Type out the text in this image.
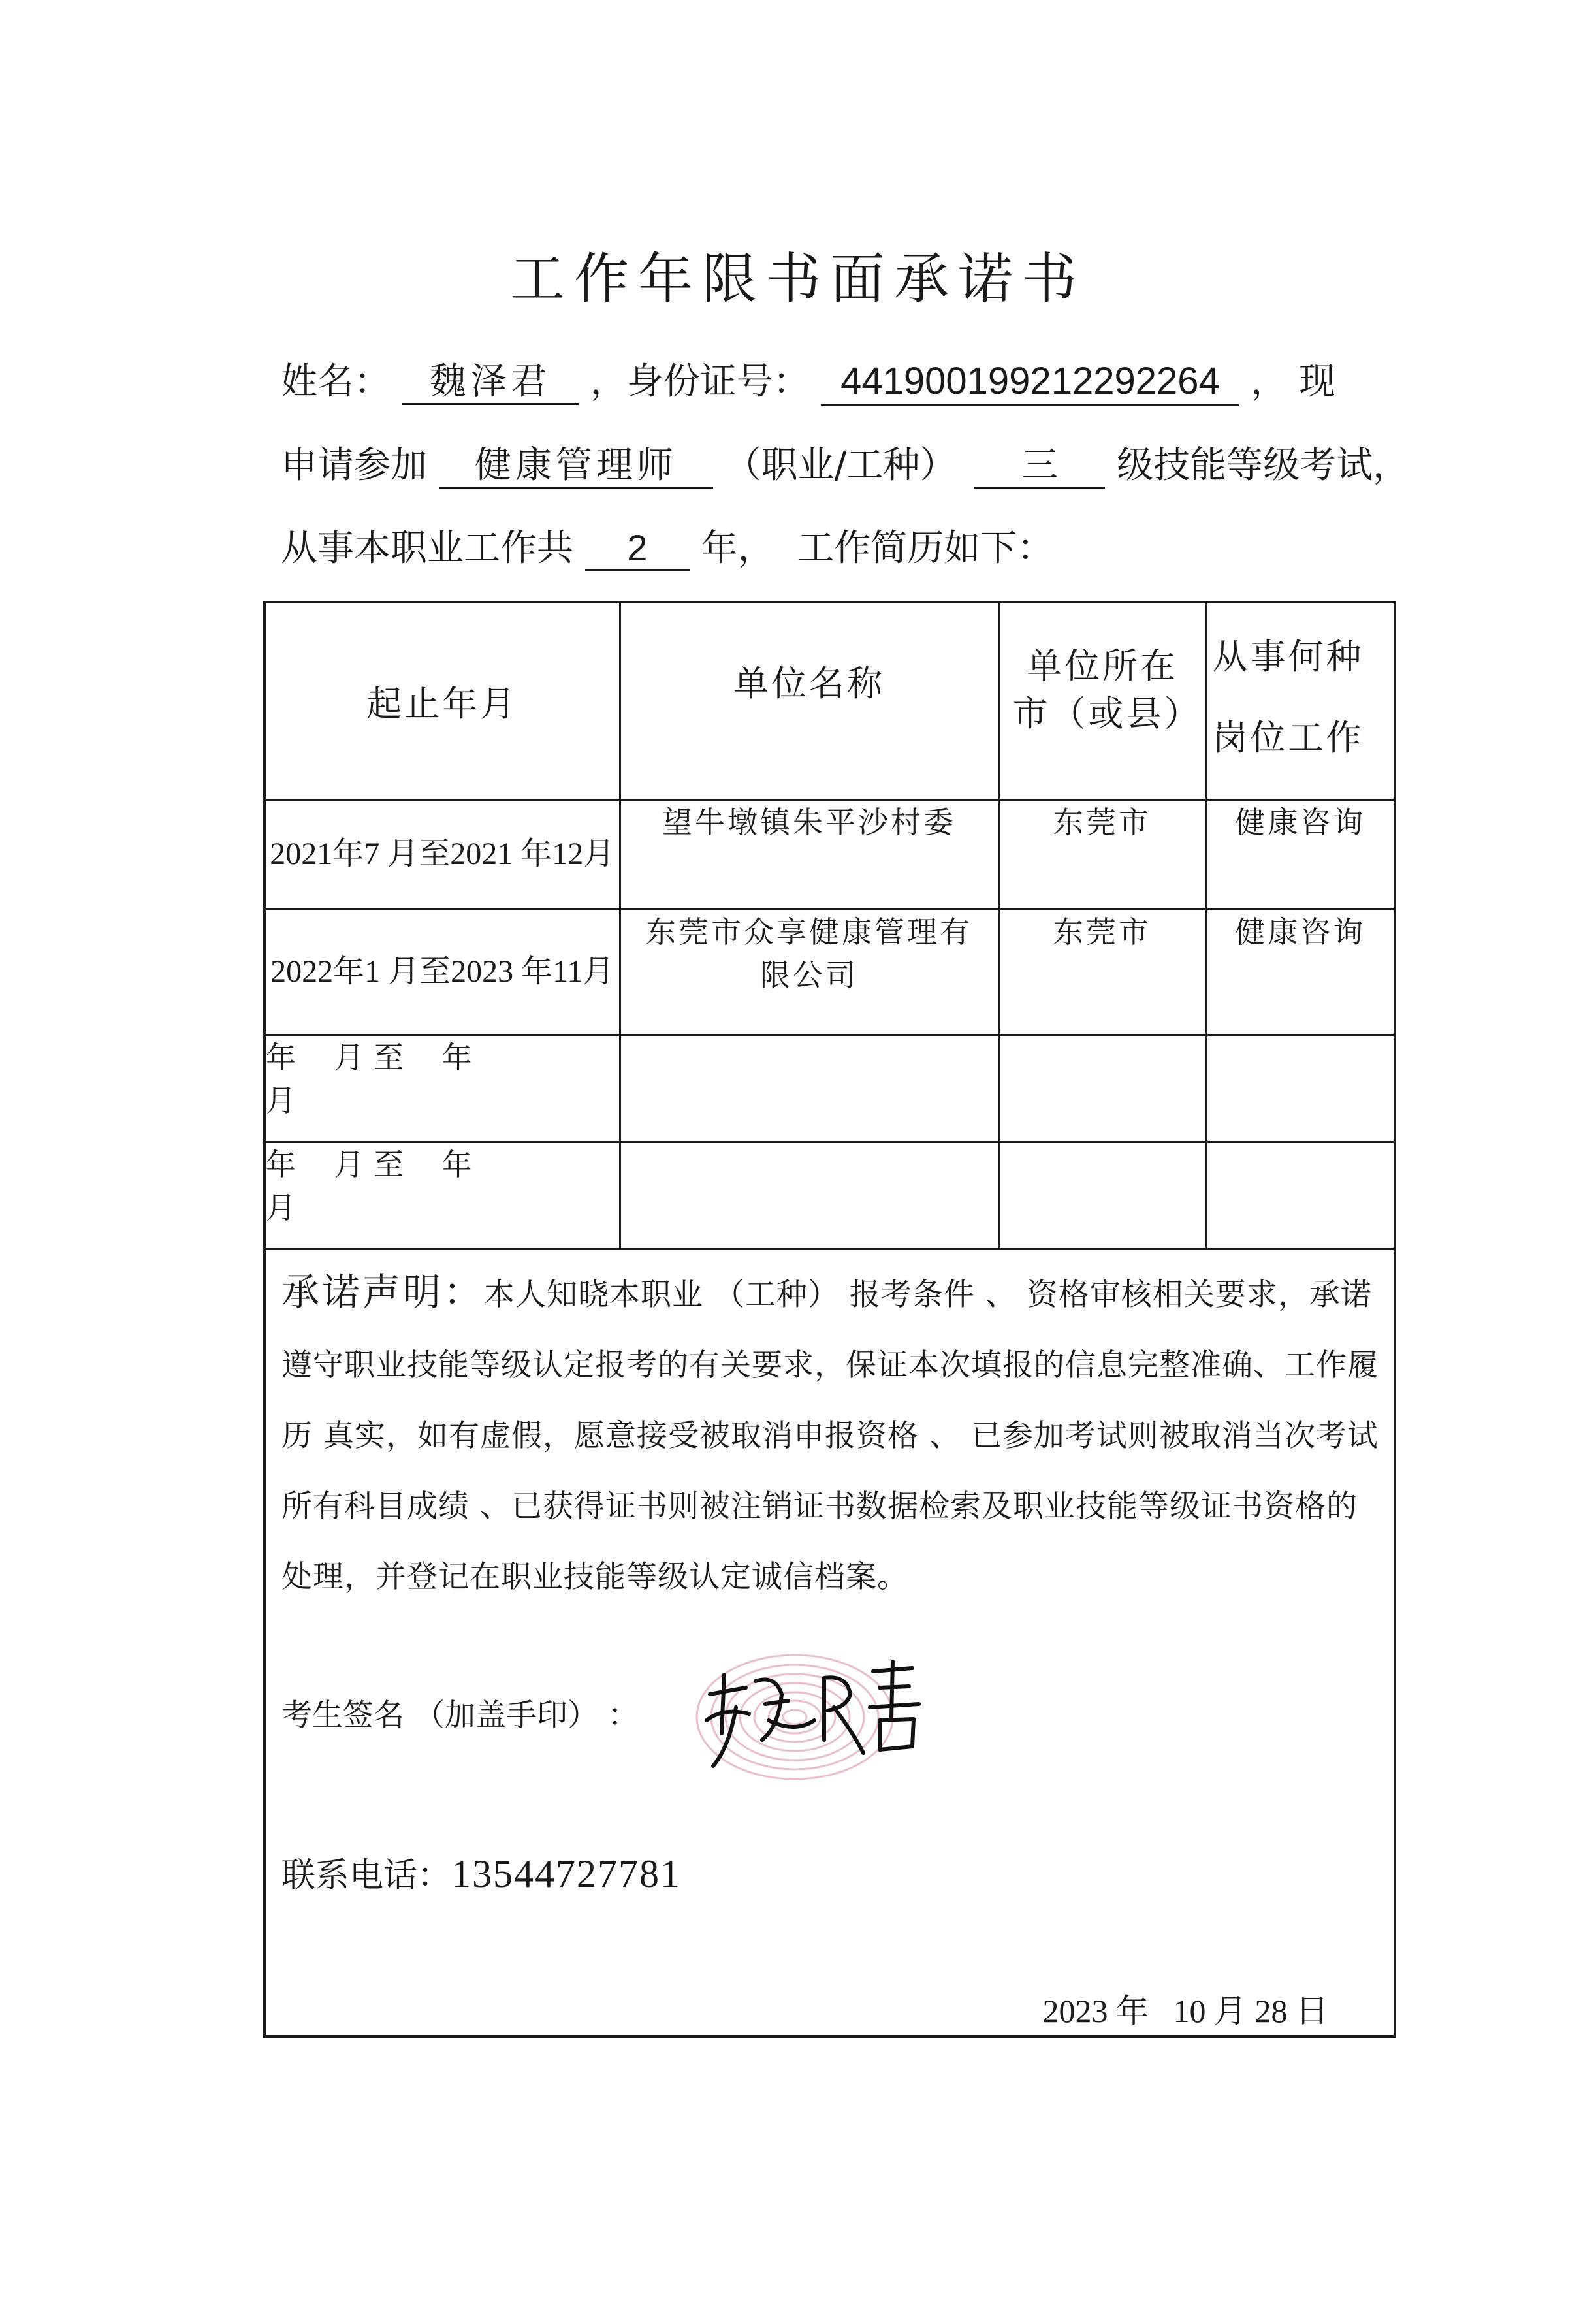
工作年限书面承诺书
姓名： 魏泽君 ，身份证号： 441900199212292264 ， 现
申请参加 健康管理师 （职业/工种） 三 级技能等级考试，
从事本职业工作共 2 年，  工作简历如下：
起止年月	单位名称	单位所在市（或县）	从事何种岗位工作
2021年7 月至2021 年12月	望牛墩镇朱平沙村委	东莞市	健康咨询
2022年1 月至2023 年11月	东莞市众享健康管理有限公司	东莞市	健康咨询
年    月 至    年
月			
年    月 至    年
月			
承诺声明：本人知晓本职业 （工种） 报考条件 、 资格审核相关要求，承诺遵守职业技能等级认定报考的有关要求，保证本次填报的信息完整准确、工作履历 真实，如有虚假，愿意接受被取消申报资格 、 已参加考试则被取消当次考试所有科目成绩 、已获得证书则被注销证书数据检索及职业技能等级证书资格的处理，并登记在职业技能等级认定诚信档案。
考生签名 （加盖手印） ：
联系电话：13544727781
2023 年 10 月 28 日
